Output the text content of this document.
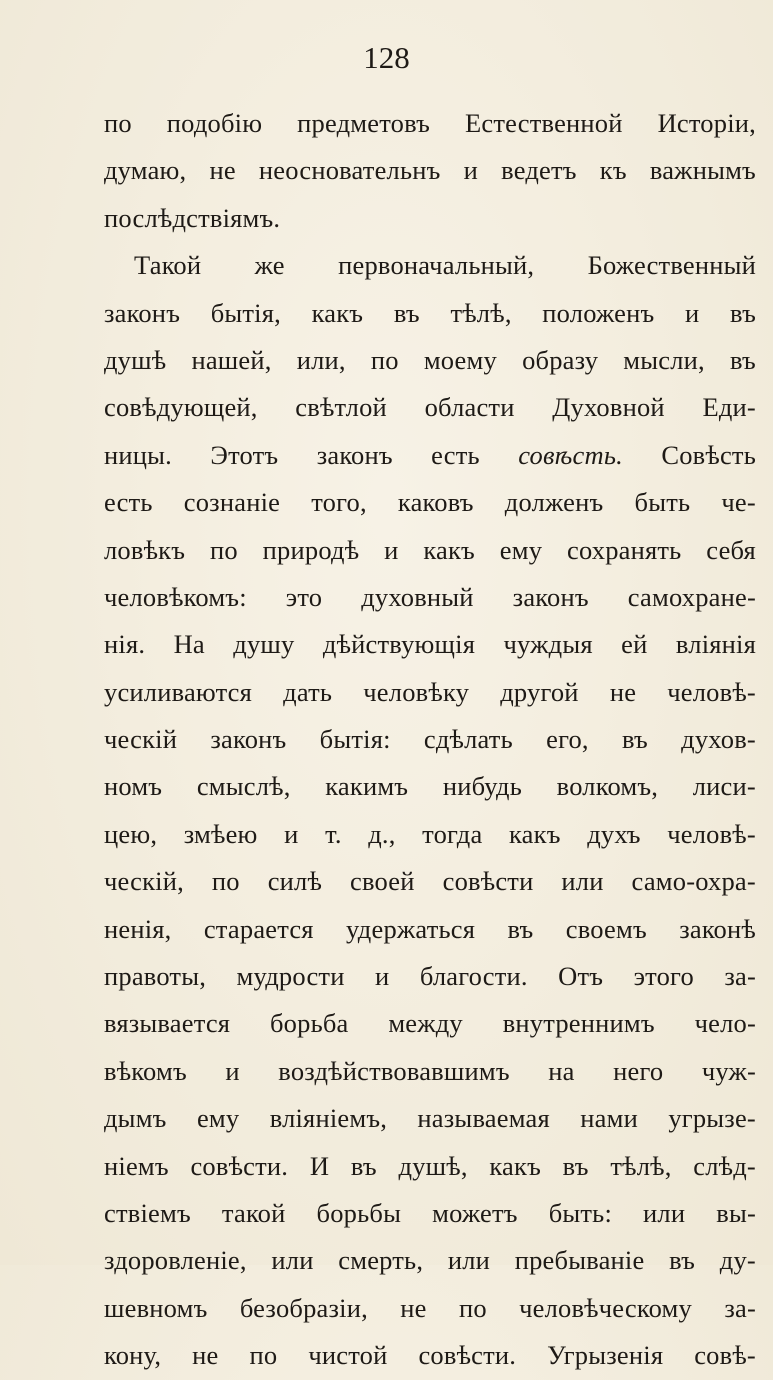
128
по подобію предметовъ Естественной Исторіи,
думаю, не неосновательнъ и ведетъ къ важнымъ
послѣдствіямъ.
Такой же первоначальный, Божественный
законъ бытія, какъ въ тѣлѣ, положенъ и въ
душѣ нашей, или, по моему образу мысли, въ
совѣдующей, свѣтлой области Духовной Еди-
ницы. Этотъ законъ есть совѣсть. Совѣсть
есть сознаніе того, каковъ долженъ быть че-
ловѣкъ по природѣ и какъ ему сохранять себя
человѣкомъ: это духовный законъ самохране-
нія. На душу дѣйствующія чуждыя ей вліянія
усиливаются дать человѣку другой не человѣ-
ческій законъ бытія: сдѣлать его, въ духов-
номъ смыслѣ, какимъ нибудь волкомъ, лиси-
цею, змѣею и т. д., тогда какъ духъ человѣ-
ческій, по силѣ своей совѣсти или само-охра-
ненія, старается удержаться въ своемъ законѣ
правоты, мудрости и благости. Отъ этого за-
вязывается борьба между внутреннимъ чело-
вѣкомъ и воздѣйствовавшимъ на него чуж-
дымъ ему вліяніемъ, называемая нами угрызе-
ніемъ совѣсти. И въ душѣ, какъ въ тѣлѣ, слѣд-
ствіемъ такой борьбы можетъ быть: или вы-
здоровленіе, или смерть, или пребываніе въ ду-
шевномъ безобразіи, не по человѣческому за-
кону, не по чистой совѣсти. Угрызенія совѣ-
